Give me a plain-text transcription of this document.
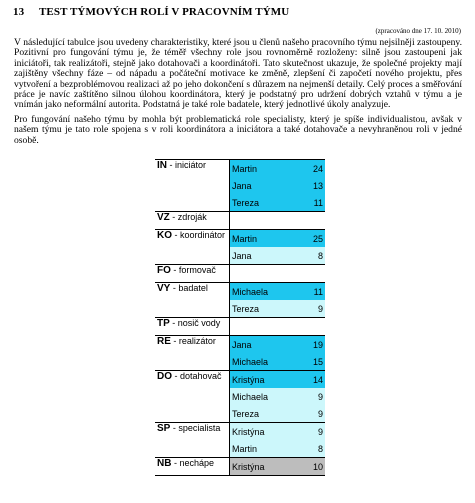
13 TEST TÝMOVÝCH ROLÍ V PRACOVNÍM TÝMU
(zpracováno dne 17. 10. 2010)
V následující tabulce jsou uvedeny charakteristiky, které jsou u členů našeho pracovního týmu nejsilněji zastoupeny. Pozitivní pro fungování týmu je, že téměř všechny role jsou rovnoměrně rozloženy: silně jsou zastoupeni jak iniciátoři, tak realizátoři, stejně jako dotahovači a koordinátoři. Tato skutečnost ukazuje, že společné projekty mají zajištěny všechny fáze – od nápadu a počáteční motivace ke změně, zlepšení či započetí nového projektu, přes vytvoření a bezproblémovou realizaci až po jeho dokončení s důrazem na nejmenší detaily. Celý proces a směřování práce je navíc zaštítěno silnou úlohou koordinátora, který je podstatný pro udržení dobrých vztahů v týmu a je vnímán jako neformální autorita. Podstatná je také role badatele, který jednotlivé úkoly analyzuje.
Pro fungování našeho týmu by mohla být problematická role specialisty, který je spíše individualistou, avšak v našem týmu je tato role spojena s v roli koordinátora a iniciátora a také dotahovače a nevyhraněnou roli v jedné osobě.
IN - iniciátor	Martin	24
	Jana	13
	Tereza	11
VZ - zdroják		
KO - koordinátor	Martin	25
	Jana	8
FO - formovač		
VY - badatel	Michaela	11
	Tereza	9
TP - nosič vody		
RE - realizátor	Jana	19
	Michaela	15
DO - dotahovač	Kristýna	14
	Michaela	9
	Tereza	9
SP - specialista	Kristýna	9
	Martin	8
NB - nechápe	Kristýna	10
